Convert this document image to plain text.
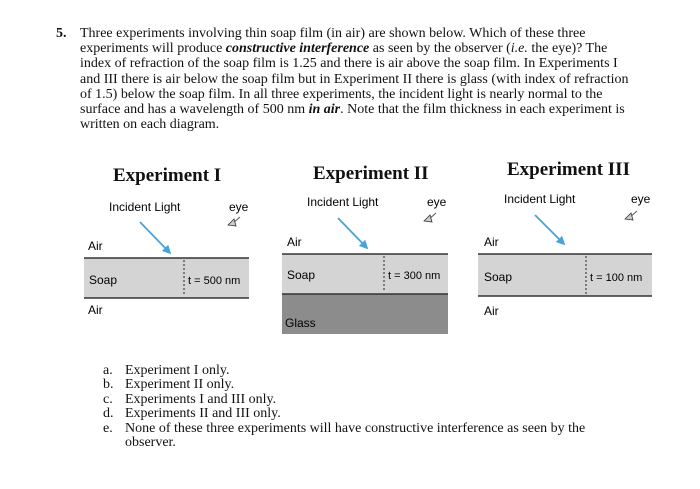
5. Three experiments involving thin soap film (in air) are shown below. Which of these three experiments will produce constructive interference as seen by the observer (i.e. the eye)? The index of refraction of the soap film is 1.25 and there is air above the soap film. In Experiments I and III there is air below the soap film but in Experiment II there is glass (with index of refraction of 1.5) below the soap film. In all three experiments, the incident light is nearly normal to the surface and has a wavelength of 500 nm in air. Note that the film thickness in each experiment is written on each diagram.

Experiment I	Experiment II	Experiment III
Incident Light	eye
Air
Soap	t = 500 nm
Air
Incident Light	eye
Air
Soap	t = 300 nm
Glass
Incident Light	eye
Air
Soap	t = 100 nm
Air
a. Experiment I only.
b. Experiment II only.
c. Experiments I and III only.
d. Experiments II and III only.
e. None of these three experiments will have constructive interference as seen by the observer.
